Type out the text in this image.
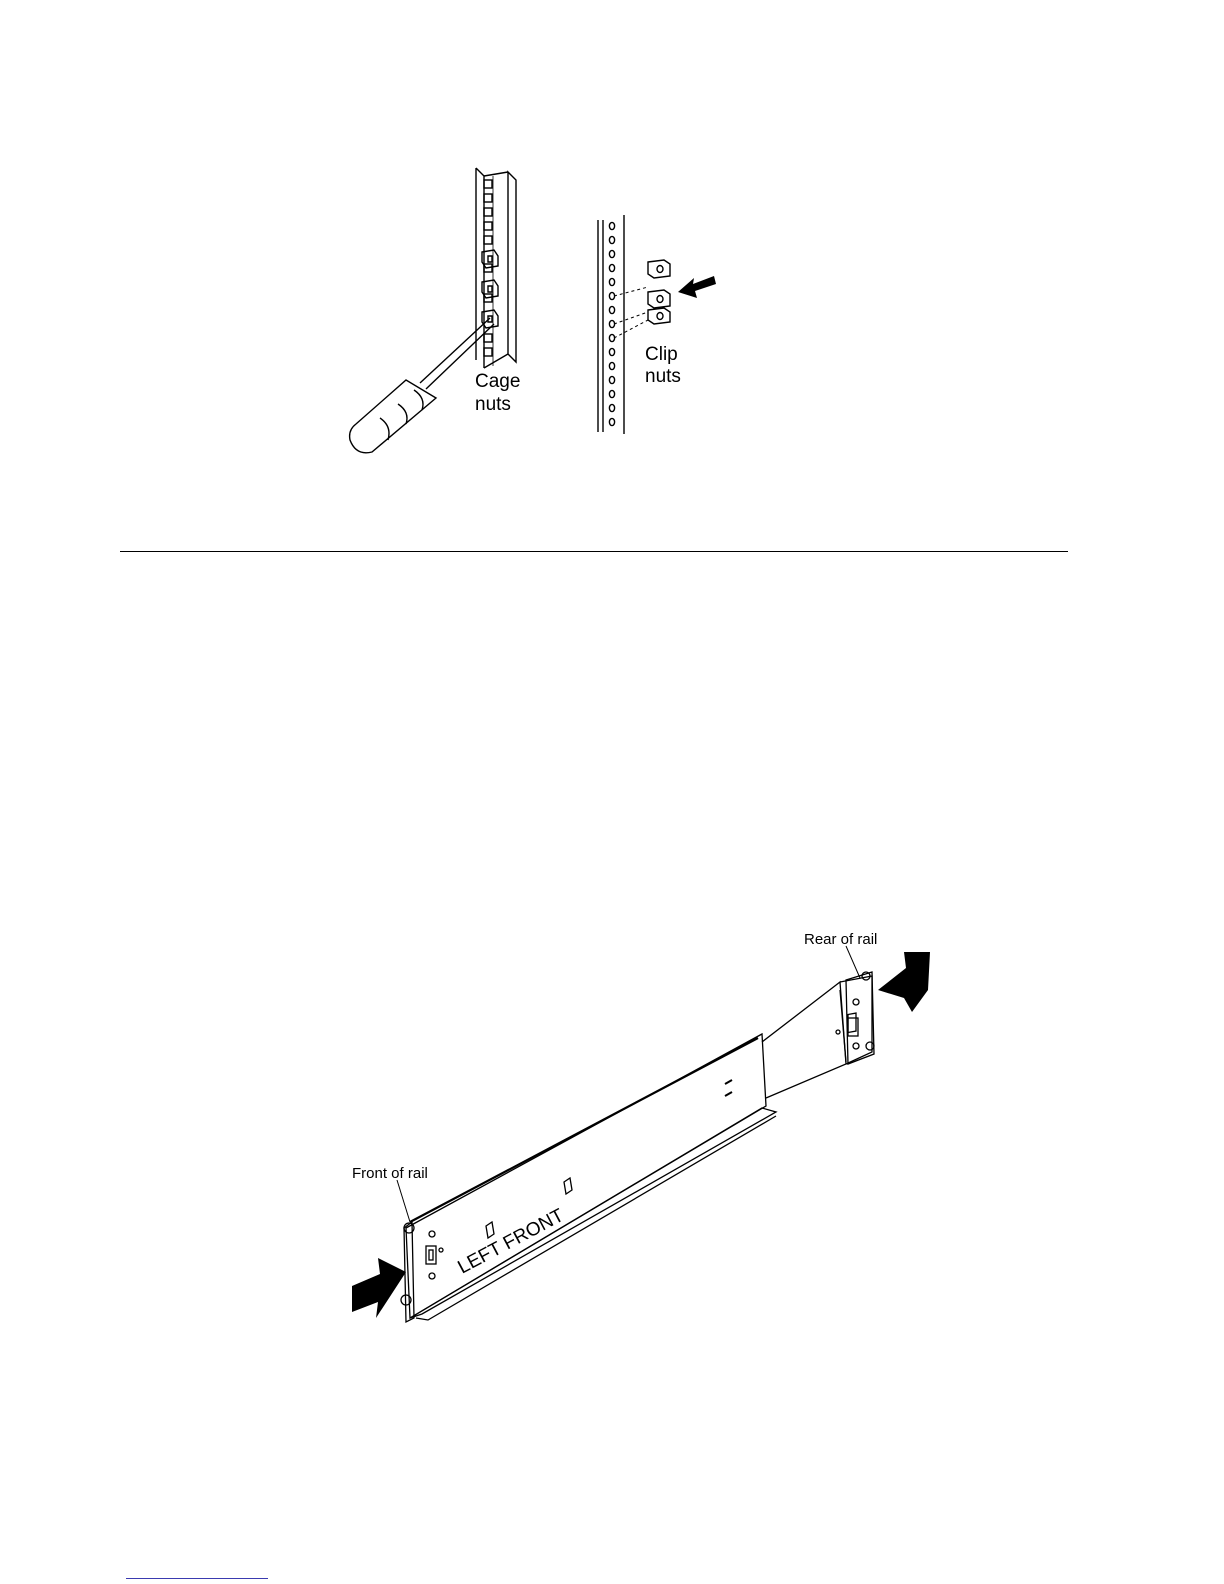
Cage
nuts
Clip
nuts
Rear of rail
Front of rail
LEFT FRONT
